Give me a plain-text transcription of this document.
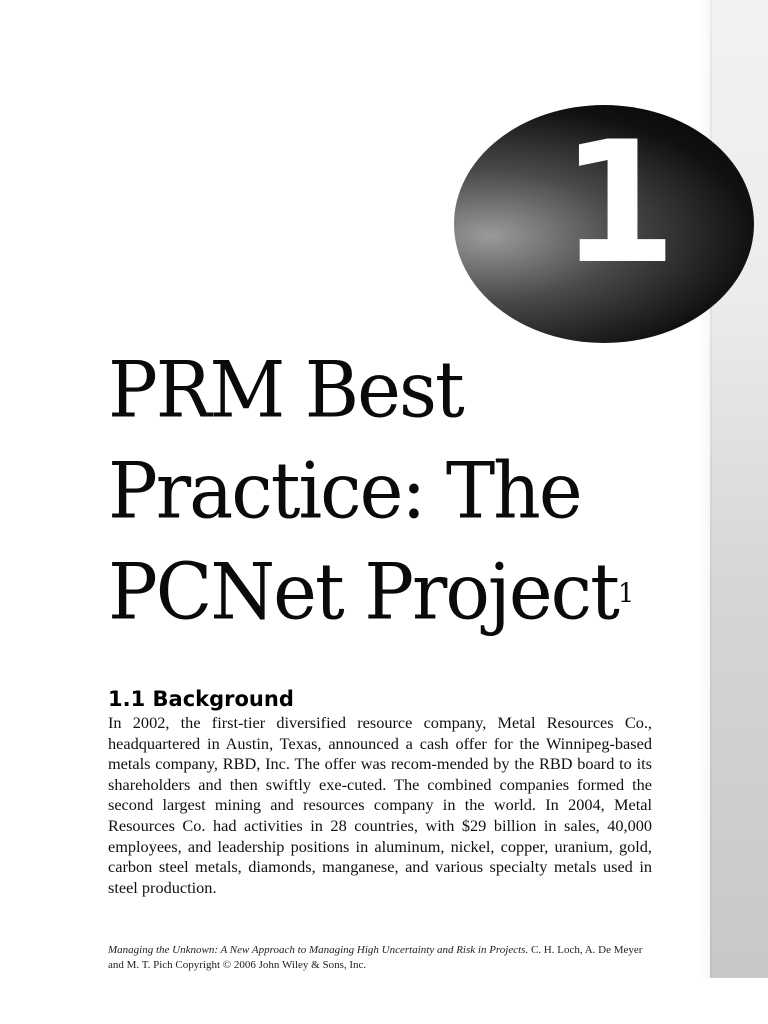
1
PRM Best
Practice: The
PCNet Project$^1$
1.1 Background

In 2002, the first-tier diversified resource company, Metal Resources Co., headquartered in Austin, Texas, announced a cash offer for the Winnipeg-based metals company, RBD, Inc. The offer was recom-mended by the RBD board to its shareholders and then swiftly exe-cuted. The combined companies formed the second largest mining and resources company in the world. In 2004, Metal Resources Co. had activities in 28 countries, with $29 billion in sales, 40,000 employees, and leadership positions in aluminum, nickel, copper, uranium, gold, carbon steel metals, diamonds, manganese, and various specialty metals used in steel production.

Managing the Unknown: A New Approach to Managing High Uncertainty and Risk in Projects. C. H. Loch, A. De Meyer and M. T. Pich Copyright © 2006 John Wiley & Sons, Inc.
